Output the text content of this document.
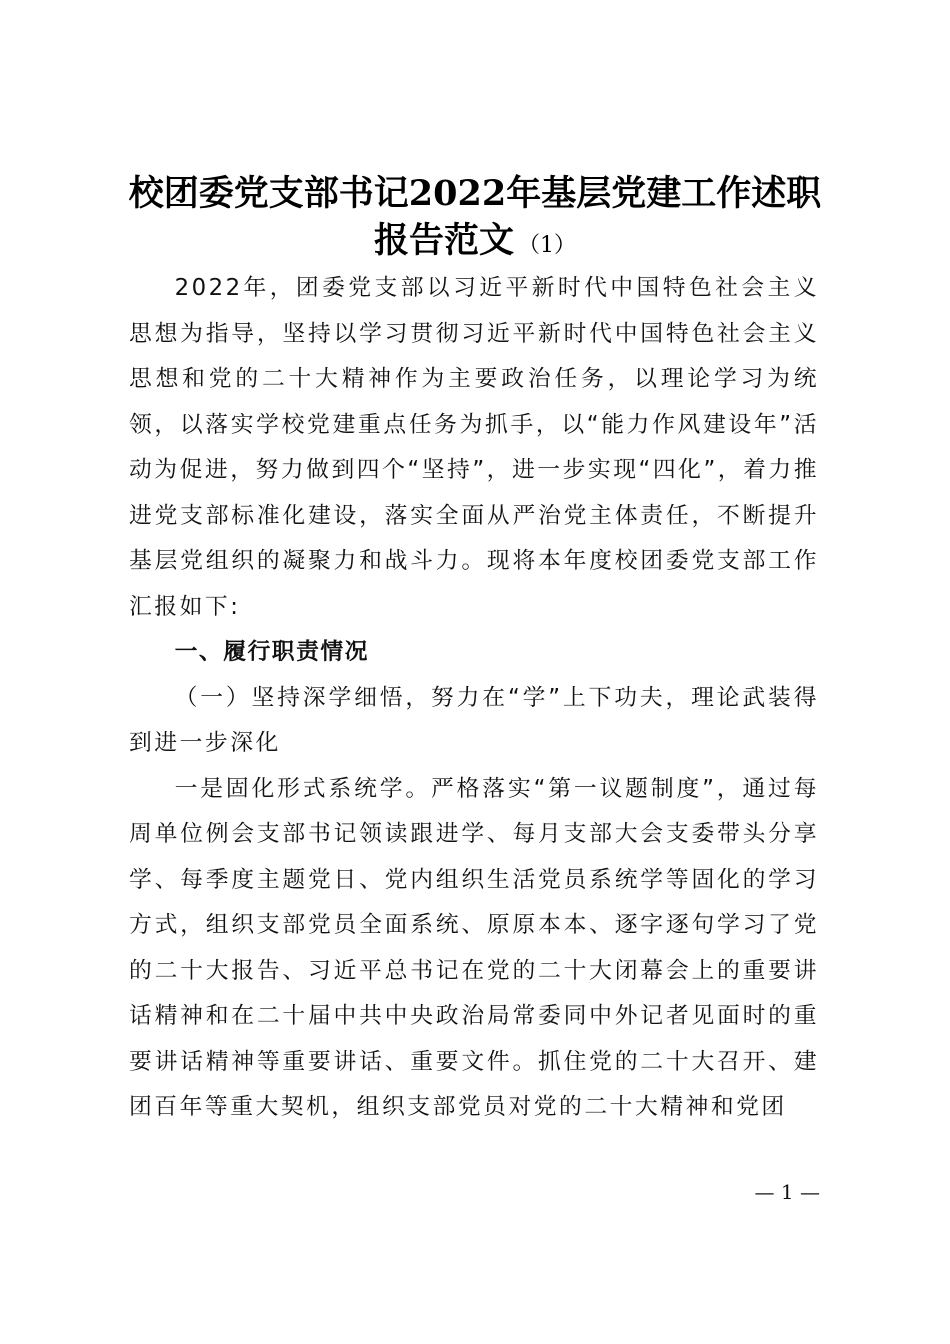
校团委党支部书记2022年基层党建工作述职
报告范文 （1）

2022年，团委党支部以习近平新时代中国特色社会主义思想为指导，坚持以学习贯彻习近平新时代中国特色社会主义思想和党的二十大精神作为主要政治任务，以理论学习为统领，以落实学校党建重点任务为抓手，以“能力作风建设年”活动为促进，努力做到四个“坚持”，进一步实现“四化”，着力推进党支部标准化建设，落实全面从严治党主体责任，不断提升基层党组织的凝聚力和战斗力。现将本年度校团委党支部工作汇报如下:

一、履行职责情况

（一）坚持深学细悟，努力在“学”上下功夫，理论武装得到进一步深化

一是固化形式系统学。严格落实“第一议题制度”，通过每周单位例会支部书记领读跟进学、每月支部大会支委带头分享学、每季度主题党日、党内组织生活党员系统学等固化的学习方式，组织支部党员全面系统、原原本本、逐字逐句学习了党的二十大报告、习近平总书记在党的二十大闭幕会上的重要讲话精神和在二十届中共中央政治局常委同中外记者见面时的重要讲话精神等重要讲话、重要文件。抓住党的二十大召开、建团百年等重大契机，组织支部党员对党的二十大精神和党团

— 1 —
